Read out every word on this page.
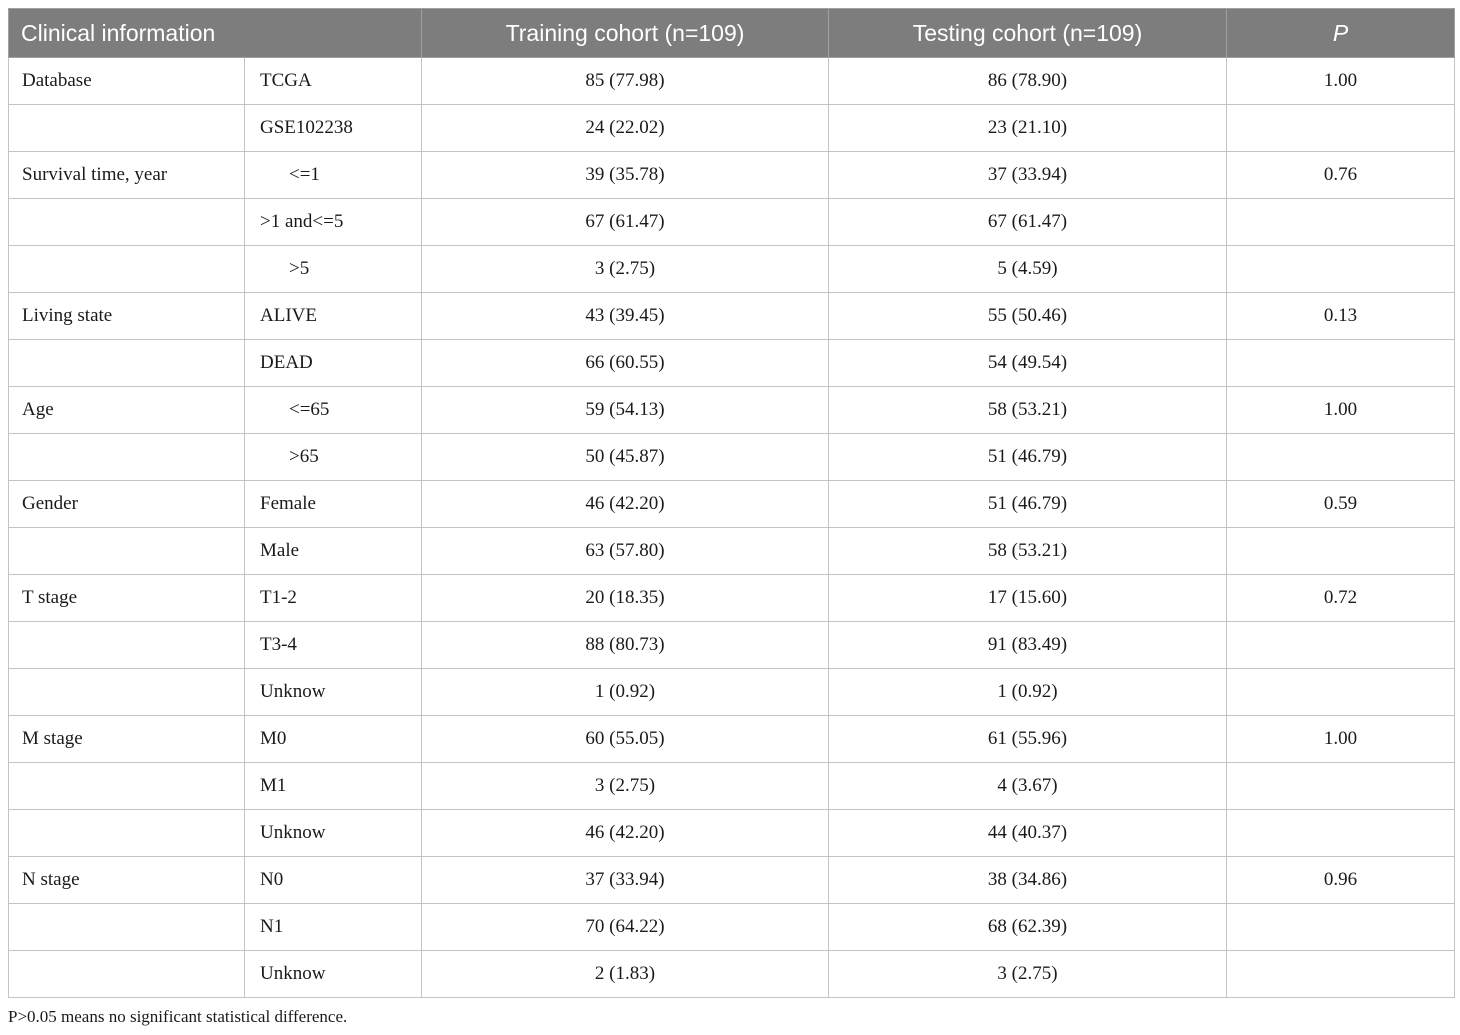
Clinical information		Training cohort (n=109)	Testing cohort (n=109)	P
Database	TCGA	85 (77.98)	86 (78.90)	1.00
	GSE102238	24 (22.02)	23 (21.10)	
Survival time, year	<=1	39 (35.78)	37 (33.94)	0.76
	>1 and<=5	67 (61.47)	67 (61.47)	
	>5	3 (2.75)	5 (4.59)	
Living state	ALIVE	43 (39.45)	55 (50.46)	0.13
	DEAD	66 (60.55)	54 (49.54)	
Age	<=65	59 (54.13)	58 (53.21)	1.00
	>65	50 (45.87)	51 (46.79)	
Gender	Female	46 (42.20)	51 (46.79)	0.59
	Male	63 (57.80)	58 (53.21)	
T stage	T1-2	20 (18.35)	17 (15.60)	0.72
	T3-4	88 (80.73)	91 (83.49)	
	Unknow	1 (0.92)	1 (0.92)	
M stage	M0	60 (55.05)	61 (55.96)	1.00
	M1	3 (2.75)	4 (3.67)	
	Unknow	46 (42.20)	44 (40.37)	
N stage	N0	37 (33.94)	38 (34.86)	0.96
	N1	70 (64.22)	68 (62.39)	
	Unknow	2 (1.83)	3 (2.75)	
P>0.05 means no significant statistical difference.
